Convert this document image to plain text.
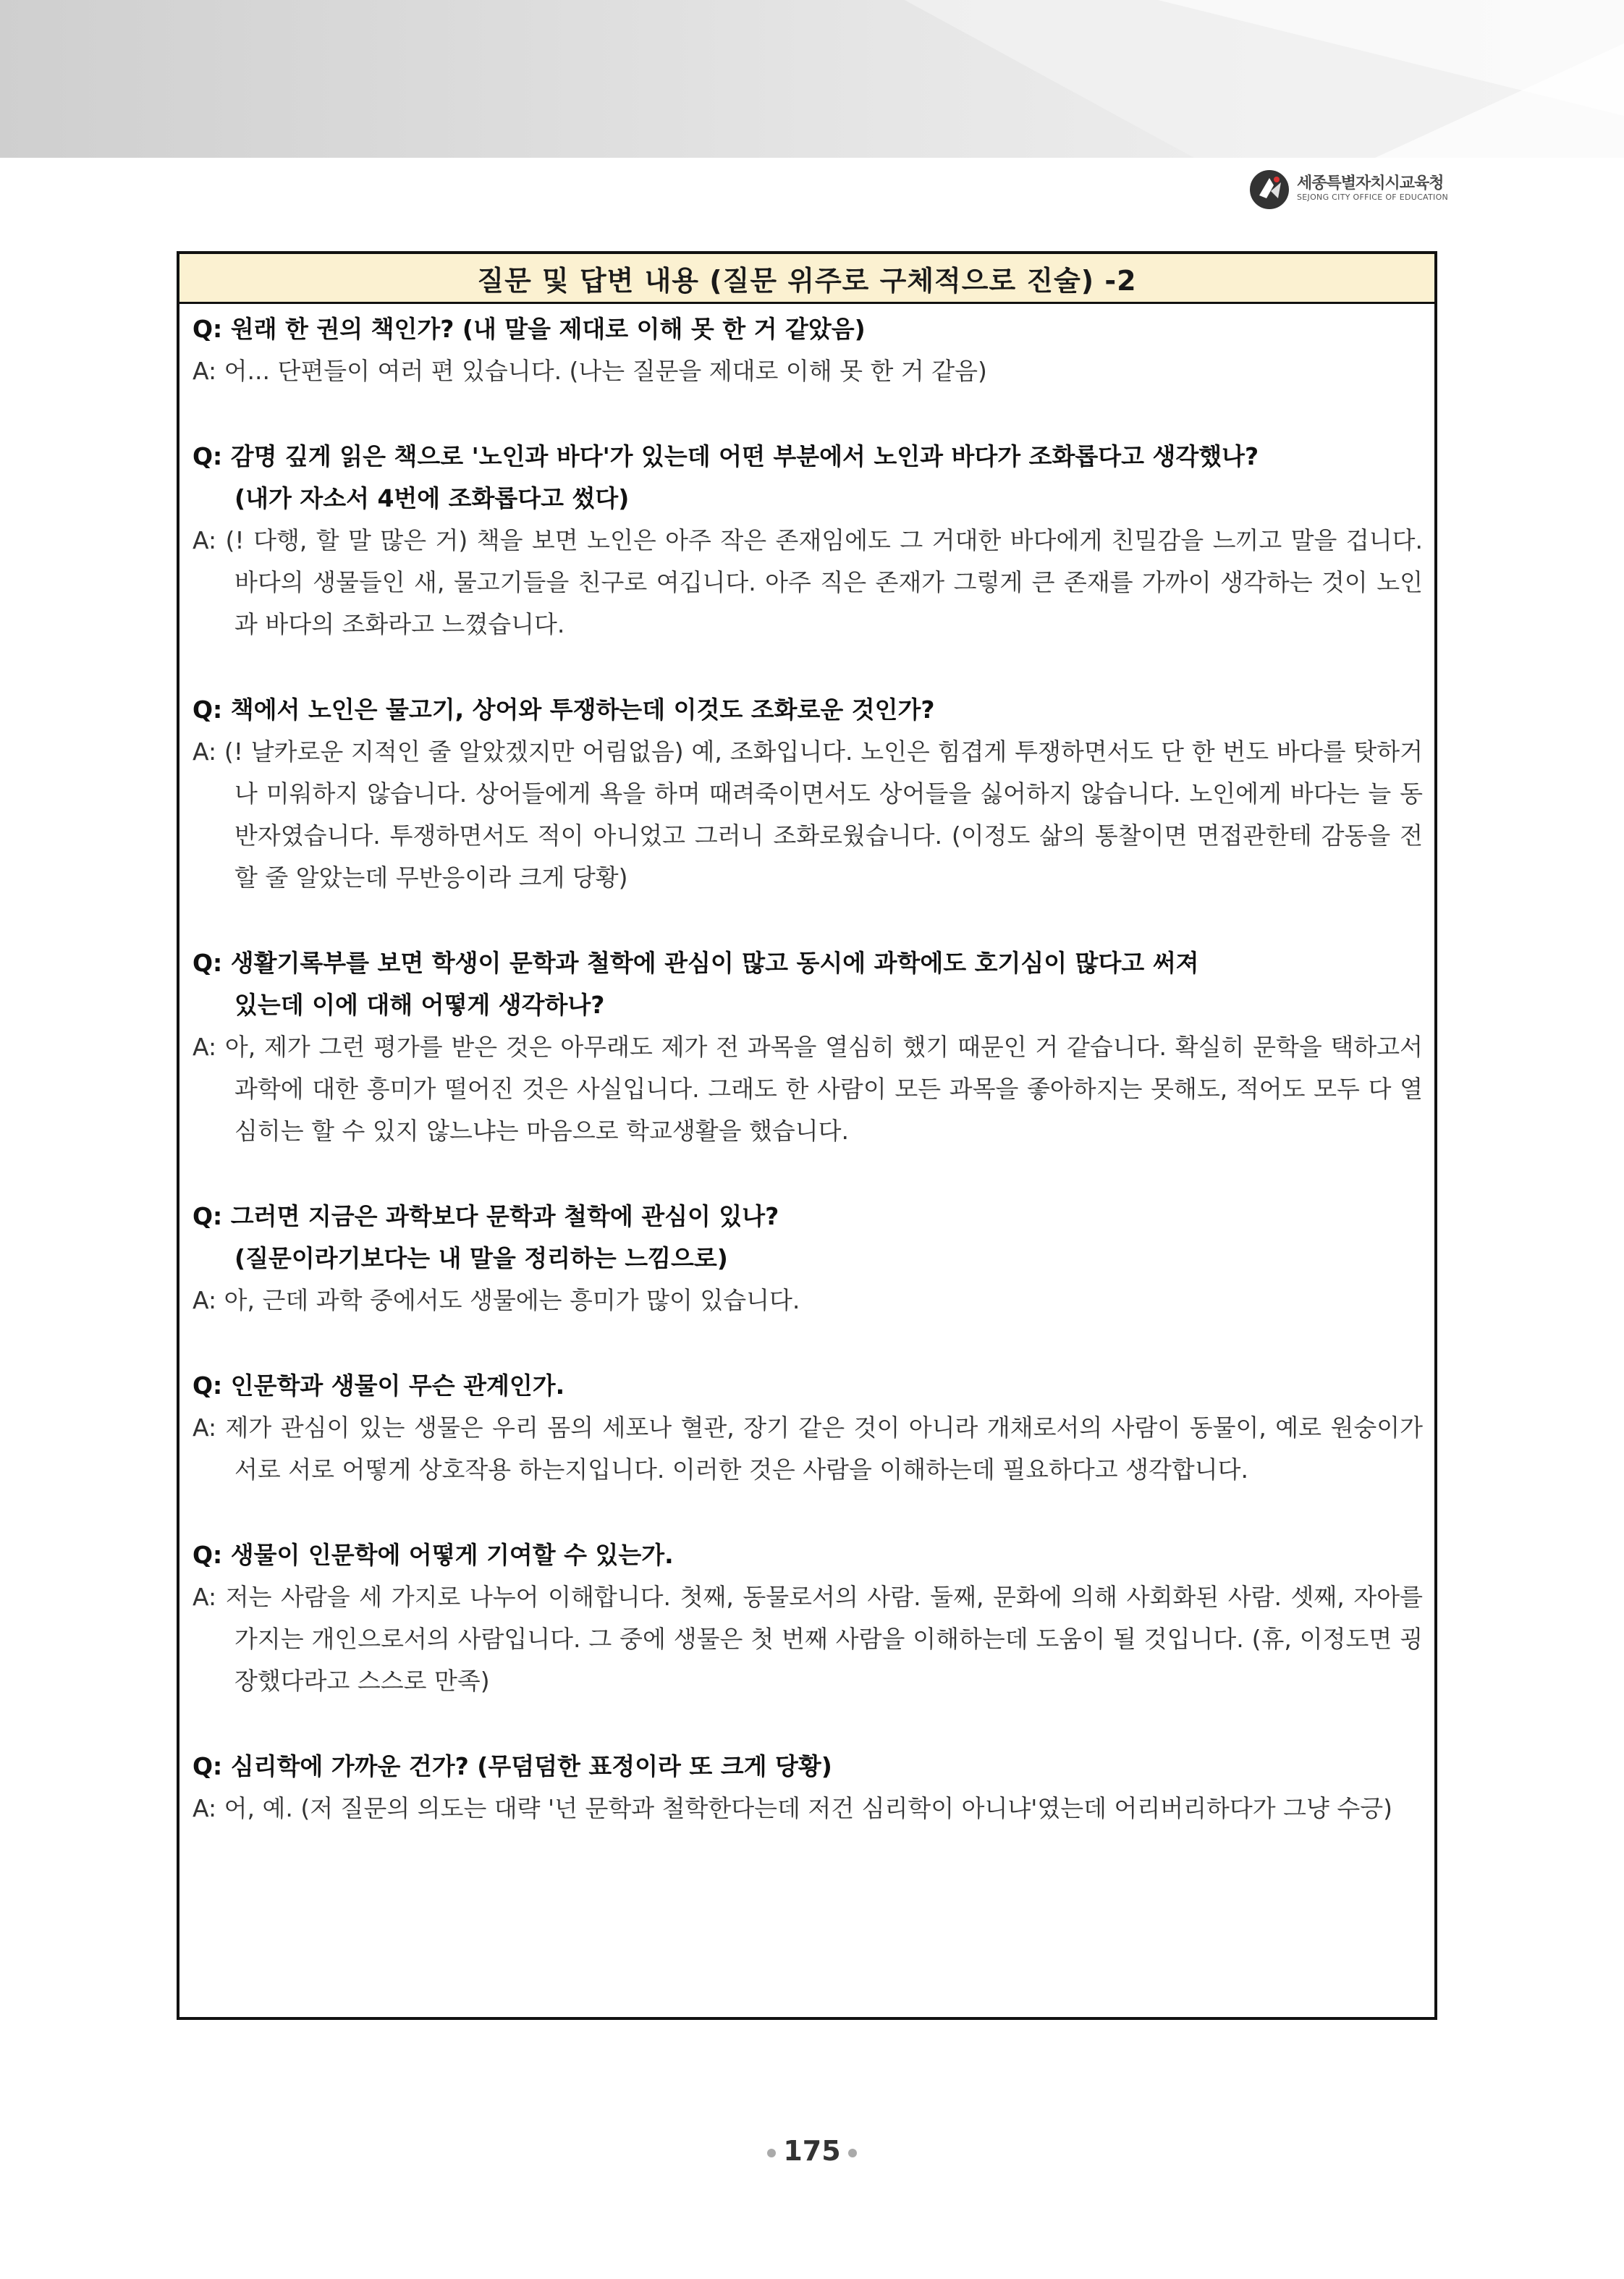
세종특별자치시교육청
SEJONG CITY OFFICE OF EDUCATION
질문 및 답변 내용 (질문 위주로 구체적으로 진술) -2
Q: 원래 한 권의 책인가? (내 말을 제대로 이해 못 한 거 같았음)
A: 어... 단편들이 여러 편 있습니다. (나는 질문을 제대로 이해 못 한 거 같음)
Q: 감명 깊게 읽은 책으로 '노인과 바다'가 있는데 어떤 부분에서 노인과 바다가 조화롭다고 생각했나?
(내가 자소서 4번에 조화롭다고 썼다)
A: (! 다행, 할 말 많은 거) 책을 보면 노인은 아주 작은 존재임에도 그 거대한 바다에게 친밀감을 느끼고 말을 겁니다. 바다의 생물들인 새, 물고기들을 친구로 여깁니다. 아주 직은 존재가 그렇게 큰 존재를 가까이 생각하는 것이 노인과 바다의 조화라고 느꼈습니다.
Q: 책에서 노인은 물고기, 상어와 투쟁하는데 이것도 조화로운 것인가?
A: (! 날카로운 지적인 줄 알았겠지만 어림없음) 예, 조화입니다. 노인은 힘겹게 투쟁하면서도 단 한 번도 바다를 탓하거나 미워하지 않습니다. 상어들에게 욕을 하며 때려죽이면서도 상어들을 싫어하지 않습니다. 노인에게 바다는 늘 동반자였습니다. 투쟁하면서도 적이 아니었고 그러니 조화로웠습니다. (이정도 삶의 통찰이면 면접관한테 감동을 전할 줄 알았는데 무반응이라 크게 당황)
Q: 생활기록부를 보면 학생이 문학과 철학에 관심이 많고 동시에 과학에도 호기심이 많다고 써져
있는데 이에 대해 어떻게 생각하나?
A: 아, 제가 그런 평가를 받은 것은 아무래도 제가 전 과목을 열심히 했기 때문인 거 같습니다. 확실히 문학을 택하고서 과학에 대한 흥미가 떨어진 것은 사실입니다. 그래도 한 사람이 모든 과목을 좋아하지는 못해도, 적어도 모두 다 열심히는 할 수 있지 않느냐는 마음으로 학교생활을 했습니다.
Q: 그러면 지금은 과학보다 문학과 철학에 관심이 있나?
(질문이라기보다는 내 말을 정리하는 느낌으로)
A: 아, 근데 과학 중에서도 생물에는 흥미가 많이 있습니다.
Q: 인문학과 생물이 무슨 관계인가.
A: 제가 관심이 있는 생물은 우리 몸의 세포나 혈관, 장기 같은 것이 아니라 개채로서의 사람이 동물이, 예로 원숭이가 서로 서로 어떻게 상호작용 하는지입니다. 이러한 것은 사람을 이해하는데 필요하다고 생각합니다.
Q: 생물이 인문학에 어떻게 기여할 수 있는가.
A: 저는 사람을 세 가지로 나누어 이해합니다. 첫째, 동물로서의 사람. 둘째, 문화에 의해 사회화된 사람. 셋째, 자아를 가지는 개인으로서의 사람입니다. 그 중에 생물은 첫 번째 사람을 이해하는데 도움이 될 것입니다. (휴, 이정도면 굉장했다라고 스스로 만족)
Q: 심리학에 가까운 건가? (무덤덤한 표정이라 또 크게 당황)
A: 어, 예. (저 질문의 의도는 대략 '넌 문학과 철학한다는데 저건 심리학이 아니냐'였는데 어리버리하다가 그냥 수긍)
175
